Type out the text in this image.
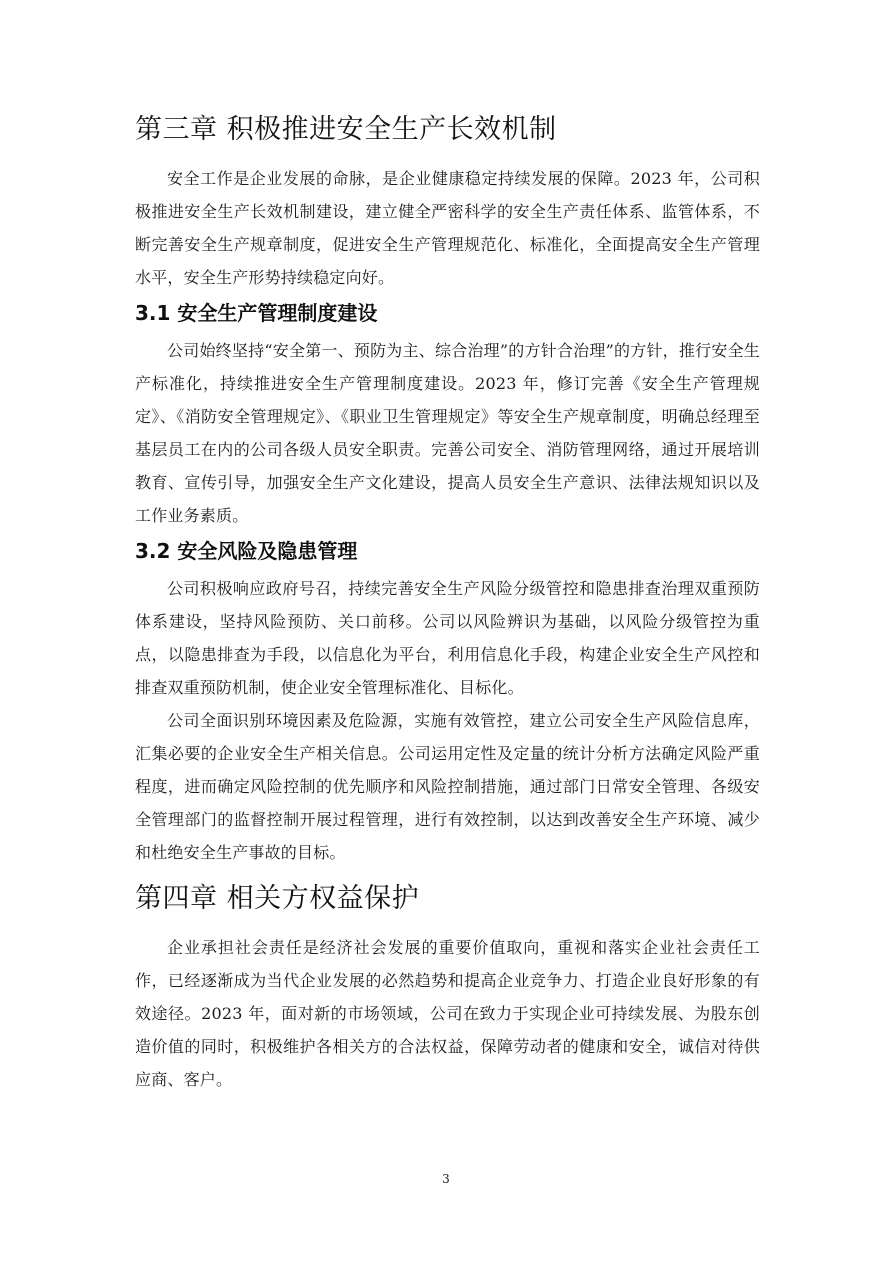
第三章 积极推进安全生产长效机制

安全工作是企业发展的命脉，是企业健康稳定持续发展的保障。2023 年，公司积极推进安全生产长效机制建设，建立健全严密科学的安全生产责任体系、监管体系，不断完善安全生产规章制度，促进安全生产管理规范化、标准化，全面提高安全生产管理水平，安全生产形势持续稳定向好。

3.1 安全生产管理制度建设

公司始终坚持“安全第一、预防为主、综合治理”的方针合治理”的方针，推行安全生产标准化，持续推进安全生产管理制度建设。2023 年，修订完善《安全生产管理规定》、《消防安全管理规定》、《职业卫生管理规定》等安全生产规章制度，明确总经理至基层员工在内的公司各级人员安全职责。完善公司安全、消防管理网络，通过开展培训教育、宣传引导，加强安全生产文化建设，提高人员安全生产意识、法律法规知识以及工作业务素质。

3.2 安全风险及隐患管理

公司积极响应政府号召，持续完善安全生产风险分级管控和隐患排查治理双重预防体系建设，坚持风险预防、关口前移。公司以风险辨识为基础，以风险分级管控为重点，以隐患排查为手段，以信息化为平台，利用信息化手段，构建企业安全生产风控和排查双重预防机制，使企业安全管理标准化、目标化。

公司全面识别环境因素及危险源，实施有效管控，建立公司安全生产风险信息库，汇集必要的企业安全生产相关信息。公司运用定性及定量的统计分析方法确定风险严重程度，进而确定风险控制的优先顺序和风险控制措施，通过部门日常安全管理、各级安全管理部门的监督控制开展过程管理，进行有效控制，以达到改善安全生产环境、减少和杜绝安全生产事故的目标。

第四章 相关方权益保护

企业承担社会责任是经济社会发展的重要价值取向，重视和落实企业社会责任工作，已经逐渐成为当代企业发展的必然趋势和提高企业竞争力、打造企业良好形象的有效途径。2023 年，面对新的市场领域，公司在致力于实现企业可持续发展、为股东创造价值的同时，积极维护各相关方的合法权益，保障劳动者的健康和安全，诚信对待供应商、客户。

3
